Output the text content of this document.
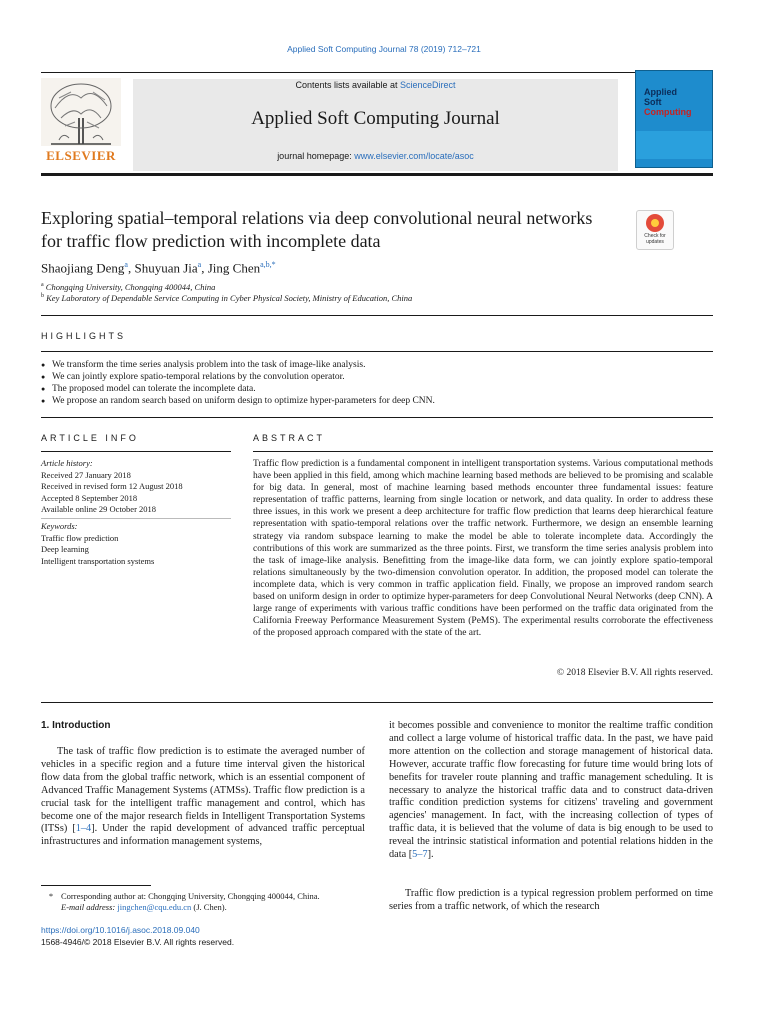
Applied Soft Computing Journal 78 (2019) 712–721
ELSEVIER
Contents lists available at ScienceDirect
Applied Soft Computing Journal
journal homepage: www.elsevier.com/locate/asoc
Applied
Soft
Computing
Exploring spatial–temporal relations via deep convolutional neural networks for traffic flow prediction with incomplete data	Check for updates
Shaojiang Deng$^a$, Shuyuan Jia$^a$, Jing Chen$^{a,b,*}$
$^a$ Chongqing University, Chongqing 400044, China
$^b$ Key Laboratory of Dependable Service Computing in Cyber Physical Society, Ministry of Education, China
HIGHLIGHTS
● We transform the time series analysis problem into the task of image-like analysis.
● We can jointly explore spatio-temporal relations by the convolution operator.
● The proposed model can tolerate the incomplete data.
● We propose an random search based on uniform design to optimize hyper-parameters for deep CNN.
ARTICLE INFO
Article history:
Received 27 January 2018
Received in revised form 12 August 2018
Accepted 8 September 2018
Available online 29 October 2018
Keywords:
Traffic flow prediction
Deep learning
Intelligent transportation systems
ABSTRACT
Traffic flow prediction is a fundamental component in intelligent transportation systems. Various computational methods have been applied in this field, among which machine learning based methods are believed to be promising and scalable for big data. In general, most of machine learning based methods encounter three fundamental issues: feature representation of traffic patterns, learning from single location or network, and data quality. In order to address these three issues, in this work we present a deep architecture for traffic flow prediction that learns deep hierarchical feature representation with spatio-temporal relations over the traffic network. Furthermore, we design an ensemble learning strategy via random subspace learning to make the model be able to tolerate incomplete data. Accordingly the contributions of this work are summarized as the three points. First, we transform the time series analysis problem into the task of image-like analysis. Benefitting from the image-like data form, we can jointly explore spatio-temporal relations simultaneously by the two-dimension convolution operator. In addition, the proposed model can tolerate the incomplete data, which is very common in traffic application field. Finally, we propose an improved random search based on uniform design in order to optimize hyper-parameters for deep Convolutional Neural Networks (deep CNN). A large range of experiments with various traffic conditions have been performed on the traffic data originated from the California Freeway Performance Measurement System (PeMS). The experimental results corroborate the effectiveness of the proposed approach compared with the state of the art.
© 2018 Elsevier B.V. All rights reserved.
1. Introduction
The task of traffic flow prediction is to estimate the averaged number of vehicles in a specific region and a future time interval given the historical flow data from the global traffic network, which is an essential component of Advanced Traffic Management Systems (ATMSs). Traffic flow prediction is a crucial task for the intelligent traffic management and control, which has become one of the major research fields in Intelligent Transportation Systems (ITSs) [1–4]. Under the rapid development of advanced traffic perceptual infrastructures and information management systems,
it becomes possible and convenience to monitor the realtime traffic condition and collect a large volume of historical traffic data. In the past, we have paid more attention on the collection and storage management of historical data. However, accurate traffic flow forecasting for future time would bring lots of benefits for traveler route planning and traffic management scheduling. It is necessary to analyze the historical traffic data and to construct data-driven traffic condition prediction systems for citizens' traveling and government agencies' management. In fact, with the increasing collection of types of traffic data, it is believed that the volume of data is big enough to be used to reveal the intrinsic statistical information and potential relations hidden in the data [5–7].
Traffic flow prediction is a typical regression problem performed on time series from a traffic network, of which the research
* Corresponding author at: Chongqing University, Chongqing 400044, China.
E-mail address: jingchen@cqu.edu.cn (J. Chen).
https://doi.org/10.1016/j.asoc.2018.09.040
1568-4946/© 2018 Elsevier B.V. All rights reserved.
